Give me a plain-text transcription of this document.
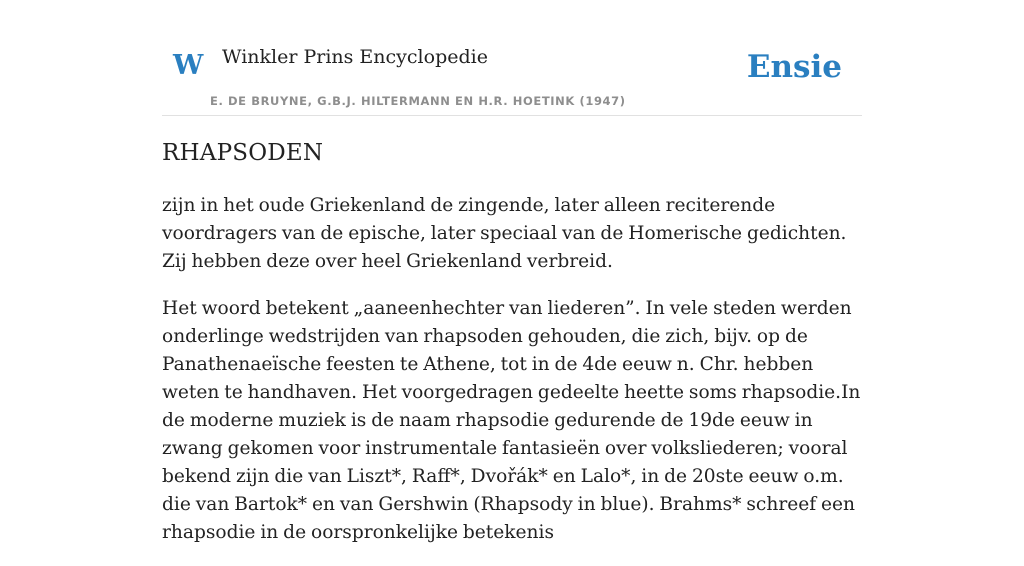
W Winkler Prins Encyclopedie
E. DE BRUYNE, G.B.J. HILTERMANN EN H.R. HOETINK (1947)
Ensie
RHAPSODEN

zijn in het oude Griekenland de zingende, later alleen reciterende voordragers van de epische, later speciaal van de Homerische gedichten. Zij hebben deze over heel Griekenland verbreid.

Het woord betekent „aaneenhechter van liederen”. In vele steden werden onderlinge wedstrijden van rhapsoden gehouden, die zich, bijv. op de Panathenaeïsche feesten te Athene, tot in de 4de eeuw n. Chr. hebben weten te handhaven. Het voorgedragen gedeelte heette soms rhapsodie.In de moderne muziek is de naam rhapsodie gedurende de 19de eeuw in zwang gekomen voor instrumentale fantasieën over volksliederen; vooral bekend zijn die van Liszt*, Raff*, Dvořák* en Lalo*, in de 20ste eeuw o.m. die van Bartok* en van Gershwin (Rhapsody in blue). Brahms* schreef een rhapsodie in de oorspronkelijke betekenis
